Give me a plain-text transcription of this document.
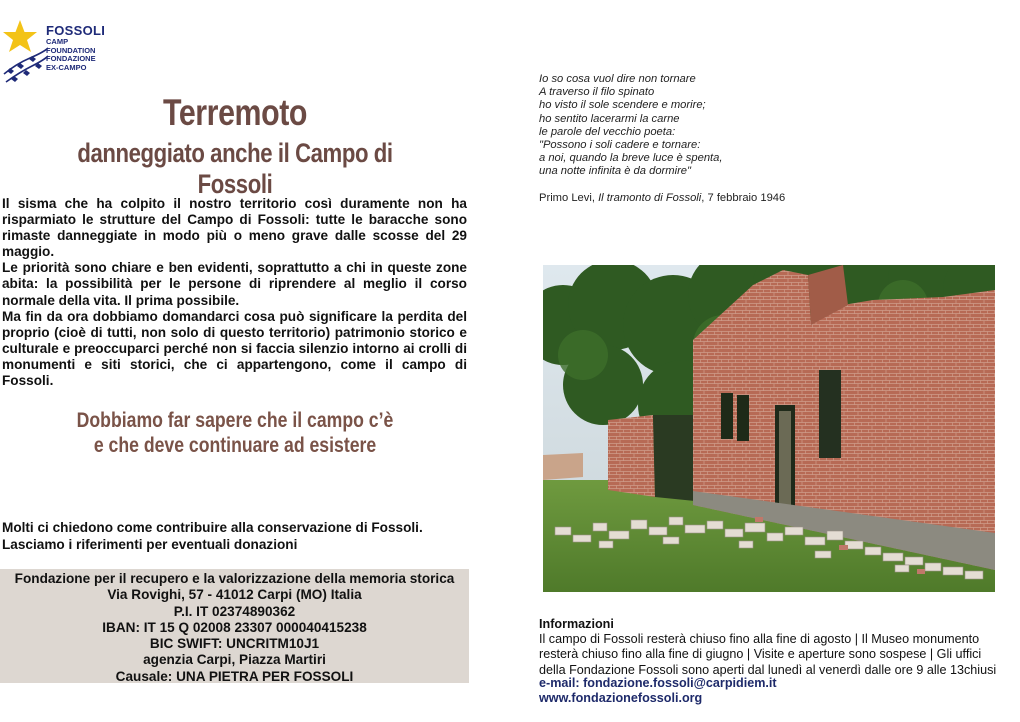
FOSSOLI
CAMP
FOUNDATION
FONDAZIONE
EX-CAMPO
Terremoto
danneggiato anche il Campo di Fossoli

Il sisma che ha colpito il nostro territorio così duramente non ha risparmiato le strutture del Campo di Fossoli: tutte le baracche sono rimaste danneggiate in modo più o meno grave dalle scosse del 29 maggio.

Le priorità sono chiare e ben evidenti, soprattutto a chi in queste zone abita: la possibilità per le persone di riprendere al meglio il corso normale della vita. Il prima possibile.

Ma fin da ora dobbiamo domandarci cosa può significare la perdita del proprio (cioè di tutti, non solo di questo territorio) patrimonio storico e culturale e preoccuparci perché non si faccia silenzio intorno ai crolli di monumenti e siti storici, che ci appartengono, come il campo di Fossoli.

Dobbiamo far sapere che il campo c’è
e che deve continuare ad esistere

Molti ci chiedono come contribuire alla conservazione di Fossoli.

Lasciamo i riferimenti per eventuali donazioni

Fondazione per il recupero e la valorizzazione della memoria storica
Via Rovighi, 57 - 41012 Carpi (MO) Italia
P.I. IT 02374890362
IBAN: IT 15 Q 02008 23307 000040415238
BIC SWIFT: UNCRITM10J1
agenzia Carpi, Piazza Martiri
Causale: UNA PIETRA PER FOSSOLI
Io so cosa vuol dire non tornare
A traverso il filo spinato
ho visto il sole scendere e morire;
ho sentito lacerarmi la carne
le parole del vecchio poeta:
"Possono i soli cadere e tornare:
a noi, quando la breve luce è spenta,
una notte infinita è da dormire"
Primo Levi, Il tramonto di Fossoli, 7 febbraio 1946
Informazioni
Il campo di Fossoli resterà chiuso fino alla fine di agosto | Il Museo monumento resterà chiuso fino alla fine di giugno | Visite e aperture sono sospese | Gli uffici della Fondazione Fossoli sono aperti dal lunedì al venerdì dalle ore 9 alle 13chiusi
e-mail: fondazione.fossoli@carpidiem.it
www.fondazionefossoli.org
